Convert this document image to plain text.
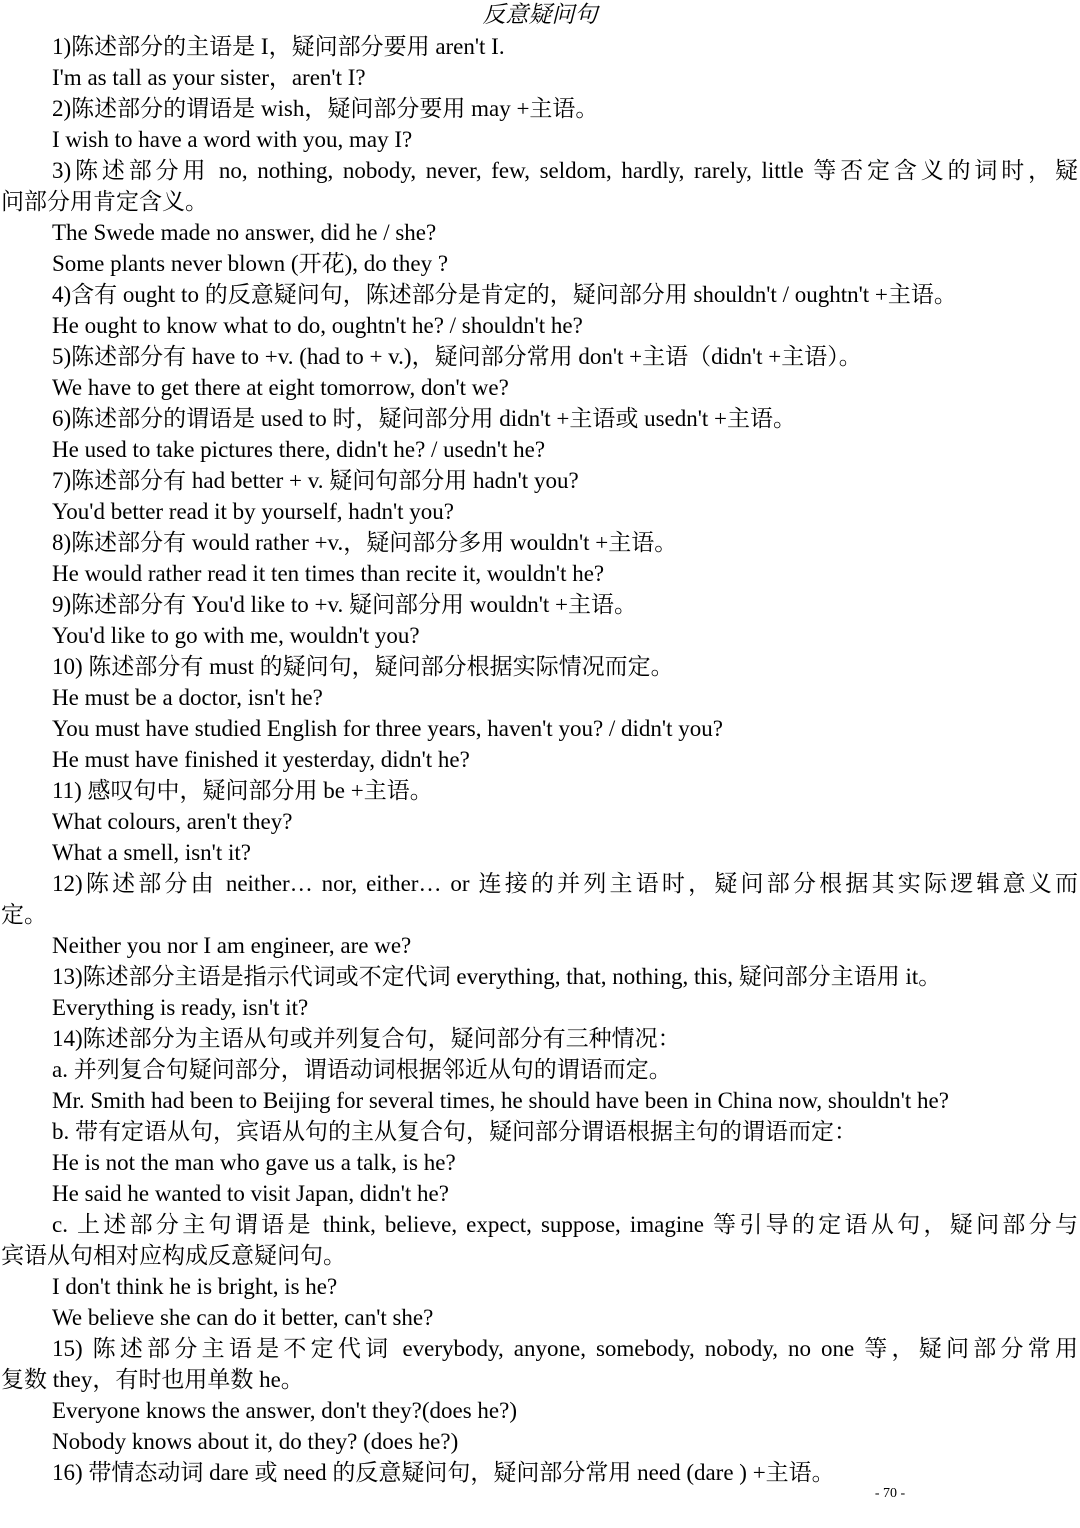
反意疑问句
1)陈述部分的主语是 I，疑问部分要用 aren't I.
I'm as tall as your sister，aren't I?
2)陈述部分的谓语是 wish，疑问部分要用 may +主语。
I wish to have a word with you, may I?
3)陈述部分用 no, nothing, nobody, never, few, seldom, hardly, rarely, little 等否定含义的词时，疑
问部分用肯定含义。
The Swede made no answer, did he / she?
Some plants never blown (开花), do they ?
4)含有 ought to 的反意疑问句，陈述部分是肯定的，疑问部分用 shouldn't / oughtn't +主语。
He ought to know what to do, oughtn't he? / shouldn't he?
5)陈述部分有 have to +v. (had to + v.)，疑问部分常用 don't +主语（didn't +主语）。
We have to get there at eight tomorrow, don't we?
6)陈述部分的谓语是 used to 时，疑问部分用 didn't +主语或 usedn't +主语。
He used to take pictures there, didn't he? / usedn't he?
7)陈述部分有 had better + v. 疑问句部分用 hadn't you?
You'd better read it by yourself, hadn't you?
8)陈述部分有 would rather +v.，疑问部分多用 wouldn't +主语。
He would rather read it ten times than recite it, wouldn't he?
9)陈述部分有 You'd like to +v. 疑问部分用 wouldn't +主语。
You'd like to go with me, wouldn't you?
10) 陈述部分有 must 的疑问句，疑问部分根据实际情况而定。
He must be a doctor, isn't he?
You must have studied English for three years, haven't you? / didn't you?
He must have finished it yesterday, didn't he?
11) 感叹句中，疑问部分用 be +主语。
What colours, aren't they?
What a smell, isn't it?
12)陈述部分由 neither… nor, either… or 连接的并列主语时，疑问部分根据其实际逻辑意义而
定。
Neither you nor I am engineer, are we?
13)陈述部分主语是指示代词或不定代词 everything, that, nothing, this, 疑问部分主语用 it。
Everything is ready, isn't it?
14)陈述部分为主语从句或并列复合句，疑问部分有三种情况：
a. 并列复合句疑问部分，谓语动词根据邻近从句的谓语而定。
Mr. Smith had been to Beijing for several times, he should have been in China now, shouldn't he?
b. 带有定语从句，宾语从句的主从复合句，疑问部分谓语根据主句的谓语而定：
He is not the man who gave us a talk, is he?
He said he wanted to visit Japan, didn't he?
c. 上述部分主句谓语是 think, believe, expect, suppose, imagine 等引导的定语从句，疑问部分与
宾语从句相对应构成反意疑问句。
I don't think he is bright, is he?
We believe she can do it better, can't she?
15) 陈述部分主语是不定代词 everybody, anyone, somebody, nobody, no one 等，疑问部分常用
复数 they，有时也用单数 he。
Everyone knows the answer, don't they?(does he?)
Nobody knows about it, do they? (does he?)
16) 带情态动词 dare 或 need 的反意疑问句，疑问部分常用 need (dare ) +主语。
- 70 -
